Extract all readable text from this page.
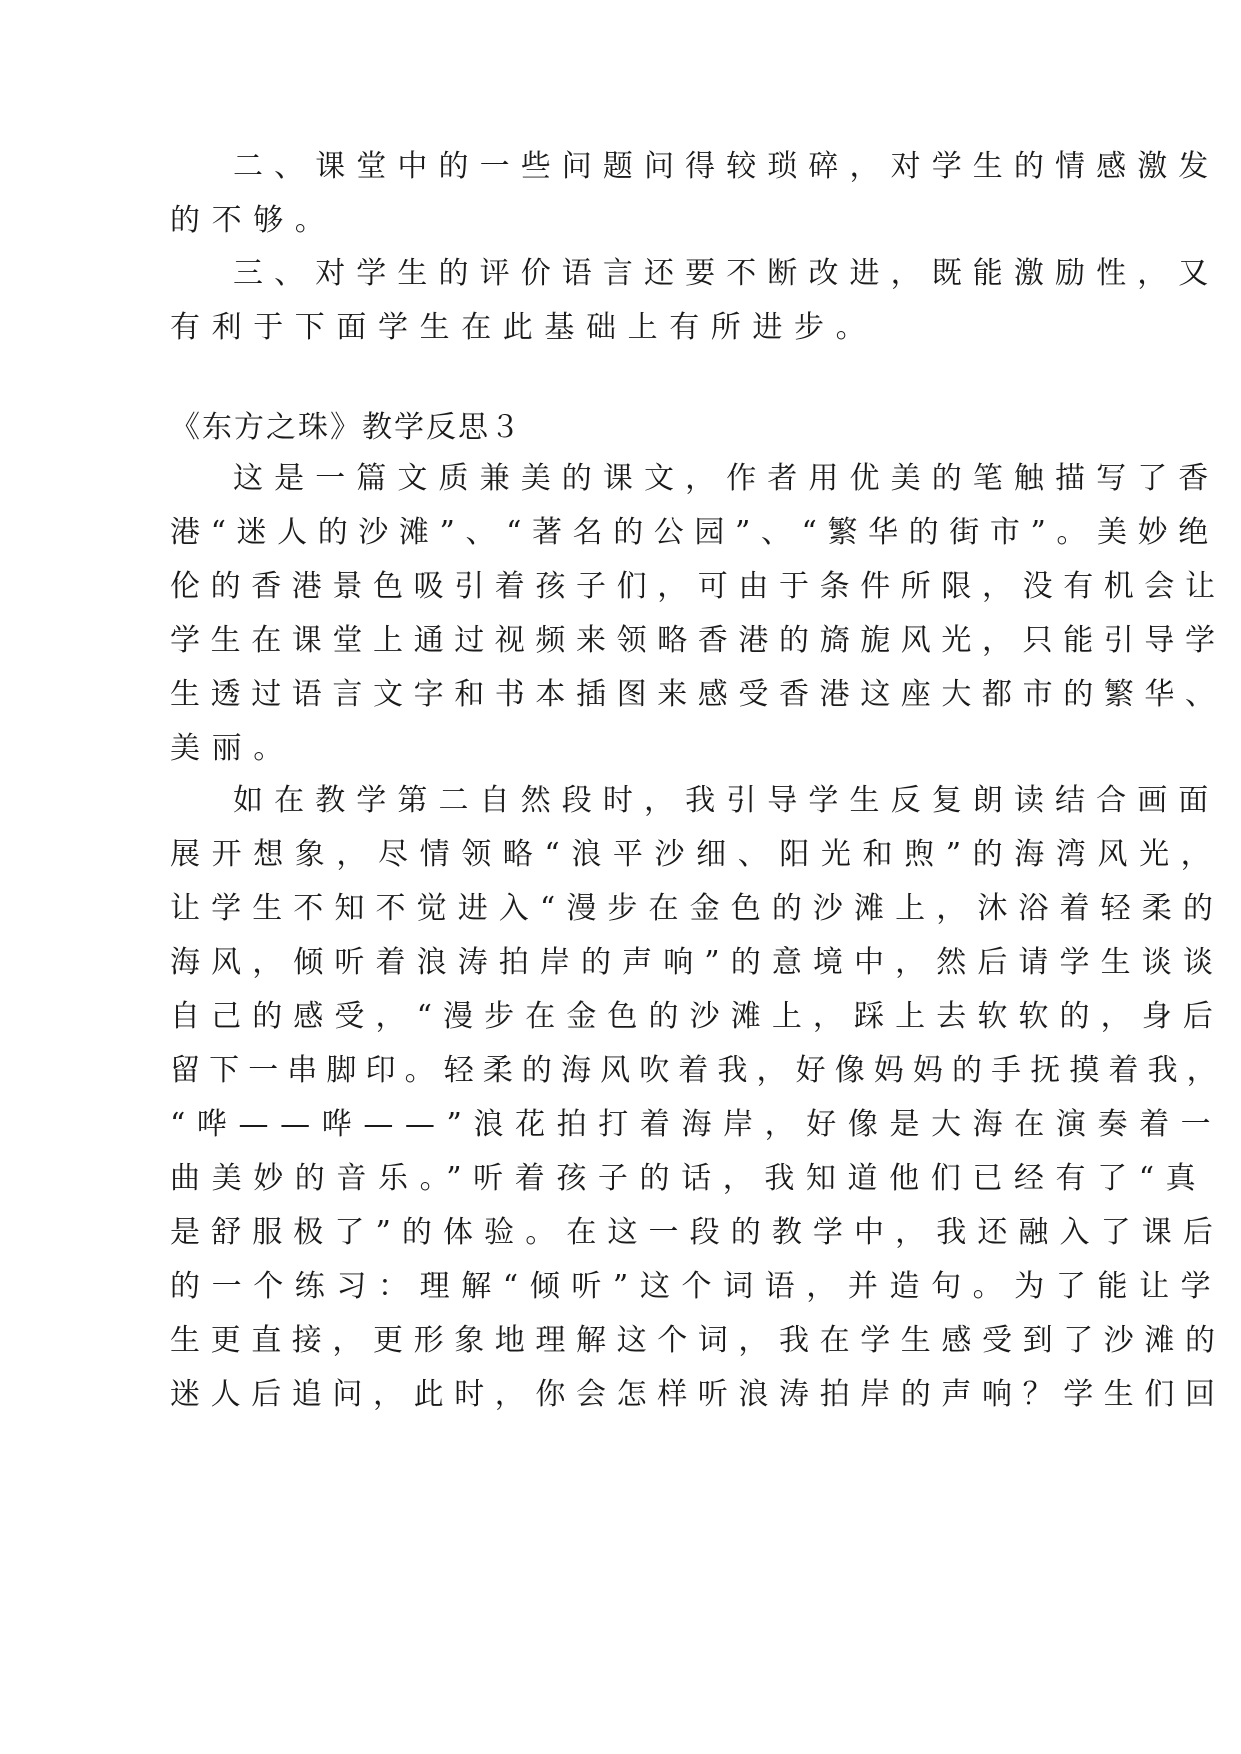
二、课堂中的一些问题问得较琐碎，对学生的情感激发
的不够。
三、对学生的评价语言还要不断改进，既能激励性，又
有利于下面学生在此基础上有所进步。
《东方之珠》教学反思３
这是一篇文质兼美的课文，作者用优美的笔触描写了香
港“迷人的沙滩”、“著名的公园”、“繁华的街市”。美妙绝
伦的香港景色吸引着孩子们，可由于条件所限，没有机会让
学生在课堂上通过视频来领略香港的旖旎风光，只能引导学
生透过语言文字和书本插图来感受香港这座大都市的繁华、
美丽。
如在教学第二自然段时，我引导学生反复朗读结合画面
展开想象，尽情领略“浪平沙细、阳光和煦”的海湾风光，
让学生不知不觉进入“漫步在金色的沙滩上，沐浴着轻柔的
海风，倾听着浪涛拍岸的声响”的意境中，然后请学生谈谈
自己的感受，“漫步在金色的沙滩上，踩上去软软的，身后
留下一串脚印。轻柔的海风吹着我，好像妈妈的手抚摸着我，
“哗——哗——”浪花拍打着海岸，好像是大海在演奏着一
曲美妙的音乐。”听着孩子的话，我知道他们已经有了“真
是舒服极了”的体验。在这一段的教学中，我还融入了课后
的一个练习：理解“倾听”这个词语，并造句。为了能让学
生更直接，更形象地理解这个词，我在学生感受到了沙滩的
迷人后追问，此时，你会怎样听浪涛拍岸的声响？学生们回
